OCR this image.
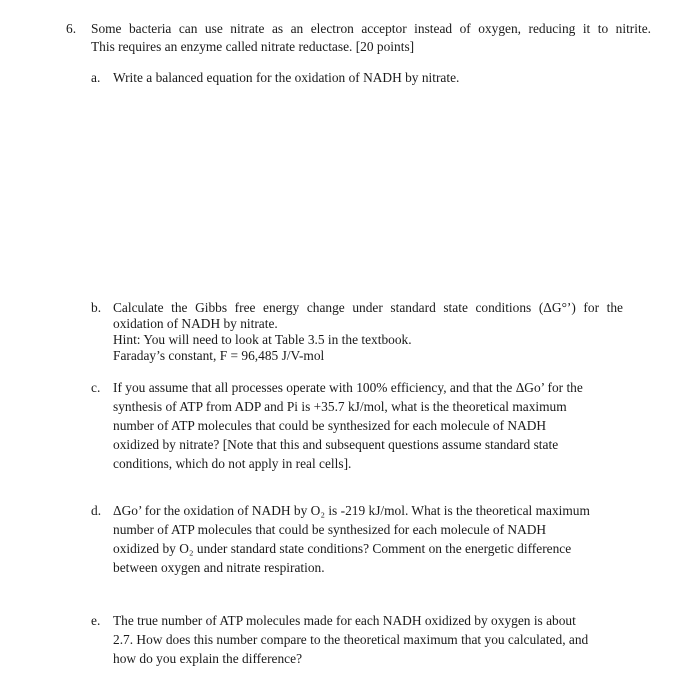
6. Some bacteria can use nitrate as an electron acceptor instead of oxygen, reducing it to nitrite.
This requires an enzyme called nitrate reductase. [20 points]
a. Write a balanced equation for the oxidation of NADH by nitrate.
b. Calculate the Gibbs free energy change under standard state conditions (ΔG°’) for the
oxidation of NADH by nitrate.
Hint: You will need to look at Table 3.5 in the textbook.
Faraday’s constant, F = 96,485 J/V-mol
c. If you assume that all processes operate with 100% efficiency, and that the ΔGo’ for the
synthesis of ATP from ADP and Pi is +35.7 kJ/mol, what is the theoretical maximum
number of ATP molecules that could be synthesized for each molecule of NADH
oxidized by nitrate? [Note that this and subsequent questions assume standard state
conditions, which do not apply in real cells].
d. ΔGo’ for the oxidation of NADH by O₂ is -219 kJ/mol. What is the theoretical maximum
number of ATP molecules that could be synthesized for each molecule of NADH
oxidized by O₂ under standard state conditions? Comment on the energetic difference
between oxygen and nitrate respiration.
e. The true number of ATP molecules made for each NADH oxidized by oxygen is about
2.7. How does this number compare to the theoretical maximum that you calculated, and
how do you explain the difference?
